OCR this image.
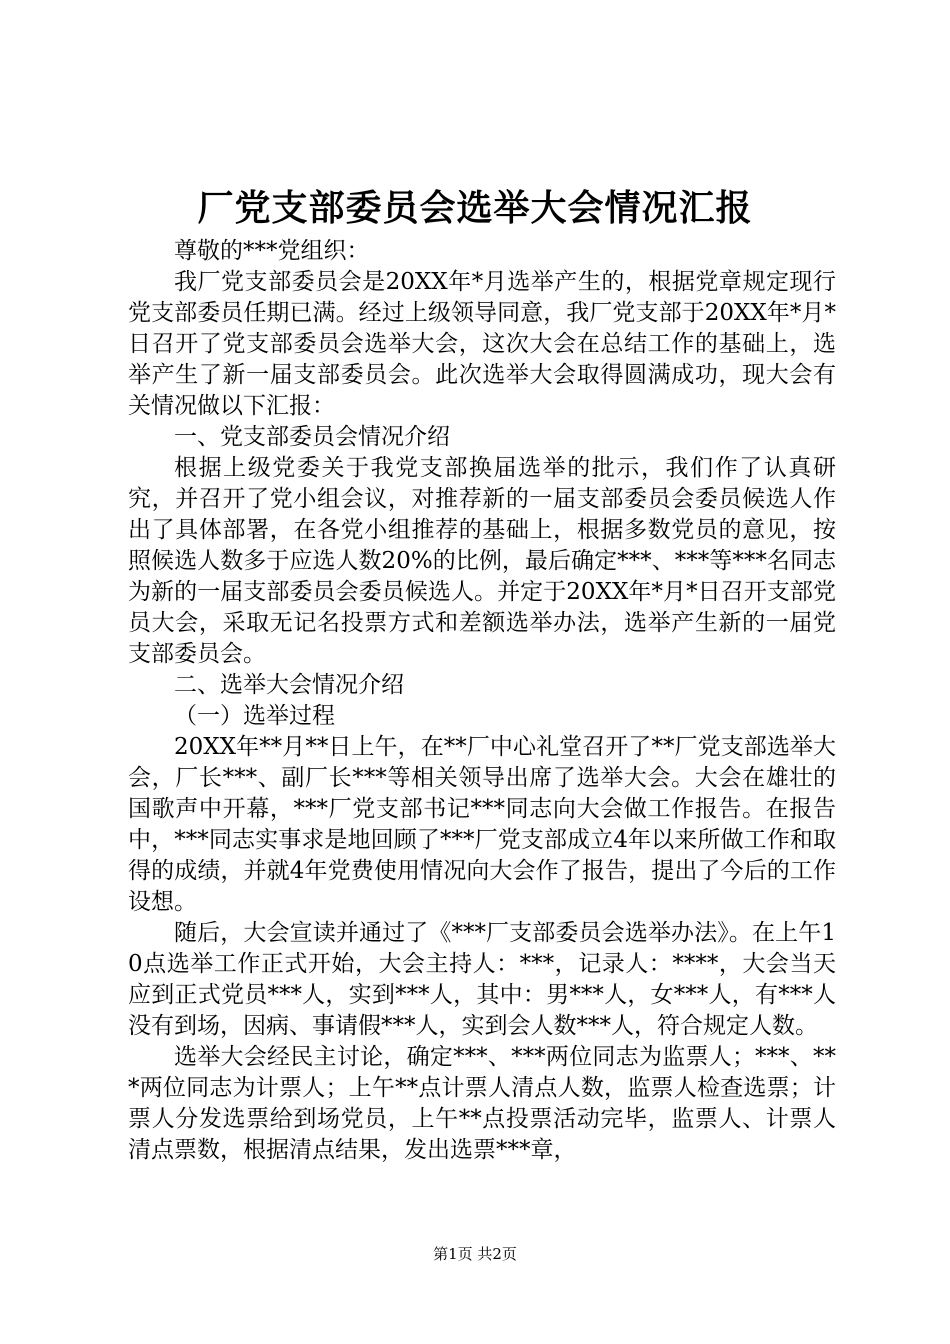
厂党支部委员会选举大会情况汇报

尊敬的***党组织：

我厂党支部委员会是20XX年*月选举产生的，根据党章规定现行党支部委员任期已满。经过上级领导同意，我厂党支部于20XX年*月*日召开了党支部委员会选举大会，这次大会在总结工作的基础上，选举产生了新一届支部委员会。此次选举大会取得圆满成功，现大会有关情况做以下汇报：

一、党支部委员会情况介绍

根据上级党委关于我党支部换届选举的批示，我们作了认真研究，并召开了党小组会议，对推荐新的一届支部委员会委员候选人作出了具体部署，在各党小组推荐的基础上，根据多数党员的意见，按照候选人数多于应选人数20%的比例，最后确定***、***等***名同志为新的一届支部委员会委员候选人。并定于20XX年*月*日召开支部党员大会，采取无记名投票方式和差额选举办法，选举产生新的一届党支部委员会。

二、选举大会情况介绍

（一）选举过程

20XX年**月**日上午，在**厂中心礼堂召开了**厂党支部选举大会，厂长***、副厂长***等相关领导出席了选举大会。大会在雄壮的国歌声中开幕，***厂党支部书记***同志向大会做工作报告。在报告中，***同志实事求是地回顾了***厂党支部成立4年以来所做工作和取得的成绩，并就4年党费使用情况向大会作了报告，提出了今后的工作设想。

随后，大会宣读并通过了《***厂支部委员会选举办法》。在上午10点选举工作正式开始，大会主持人：***，记录人：****，大会当天应到正式党员***人，实到***人，其中：男***人，女***人，有***人没有到场，因病、事请假***人，实到会人数***人，符合规定人数。

选举大会经民主讨论，确定***、***两位同志为监票人；***、***两位同志为计票人；上午**点计票人清点人数，监票人检查选票；计票人分发选票给到场党员，上午**点投票活动完毕，监票人、计票人清点票数，根据清点结果，发出选票***章，

第1页 共2页
